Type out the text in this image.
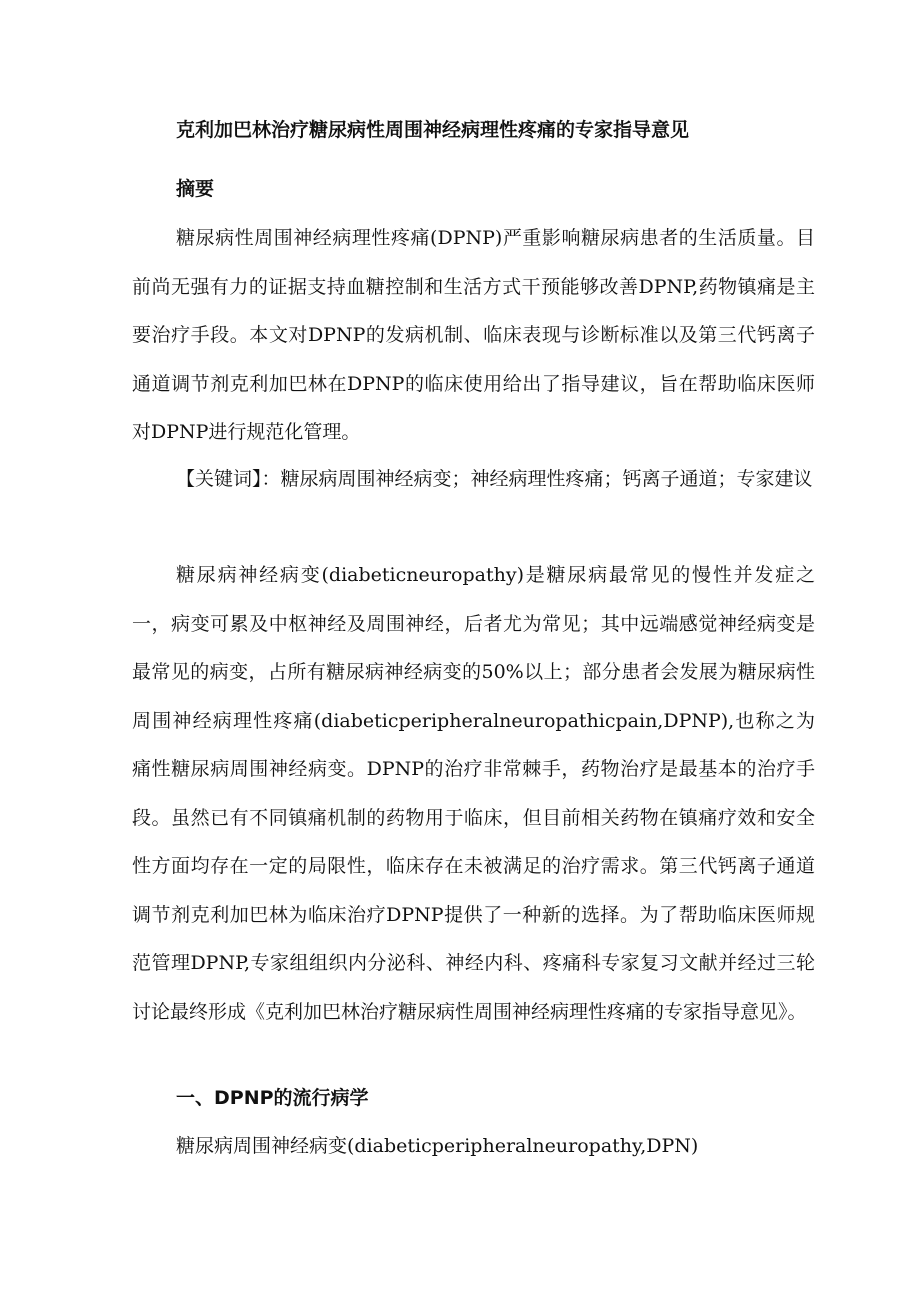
克利加巴林治疗糖尿病性周围神经病理性疼痛的专家指导意见
摘要

糖尿病性周围神经病理性疼痛(DPNP)严重影响糖尿病患者的生活质量。目前尚无强有力的证据支持血糖控制和生活方式干预能够改善DPNP,药物镇痛是主要治疗手段。本文对DPNP的发病机制、临床表现与诊断标准以及第三代钙离子通道调节剂克利加巴林在DPNP的临床使用给出了指导建议，旨在帮助临床医师对DPNP进行规范化管理。

【关键词】：糖尿病周围神经病变；神经病理性疼痛；钙离子通道；专家建议

糖尿病神经病变(diabeticneuropathy)是糖尿病最常见的慢性并发症之一，病变可累及中枢神经及周围神经，后者尤为常见；其中远端感觉神经病变是最常见的病变，占所有糖尿病神经病变的50%以上；部分患者会发展为糖尿病性周围神经病理性疼痛(diabeticperipheralneuropathicpain,DPNP),也称之为痛性糖尿病周围神经病变。DPNP的治疗非常棘手，药物治疗是最基本的治疗手段。虽然已有不同镇痛机制的药物用于临床，但目前相关药物在镇痛疗效和安全性方面均存在一定的局限性，临床存在未被满足的治疗需求。第三代钙离子通道调节剂克利加巴林为临床治疗DPNP提供了一种新的选择。为了帮助临床医师规范管理DPNP,专家组组织内分泌科、神经内科、疼痛科专家复习文献并经过三轮讨论最终形成《克利加巴林治疗糖尿病性周围神经病理性疼痛的专家指导意见》。

一、DPNP的流行病学

糖尿病周围神经病变(diabeticperipheralneuropathy,DPN)
